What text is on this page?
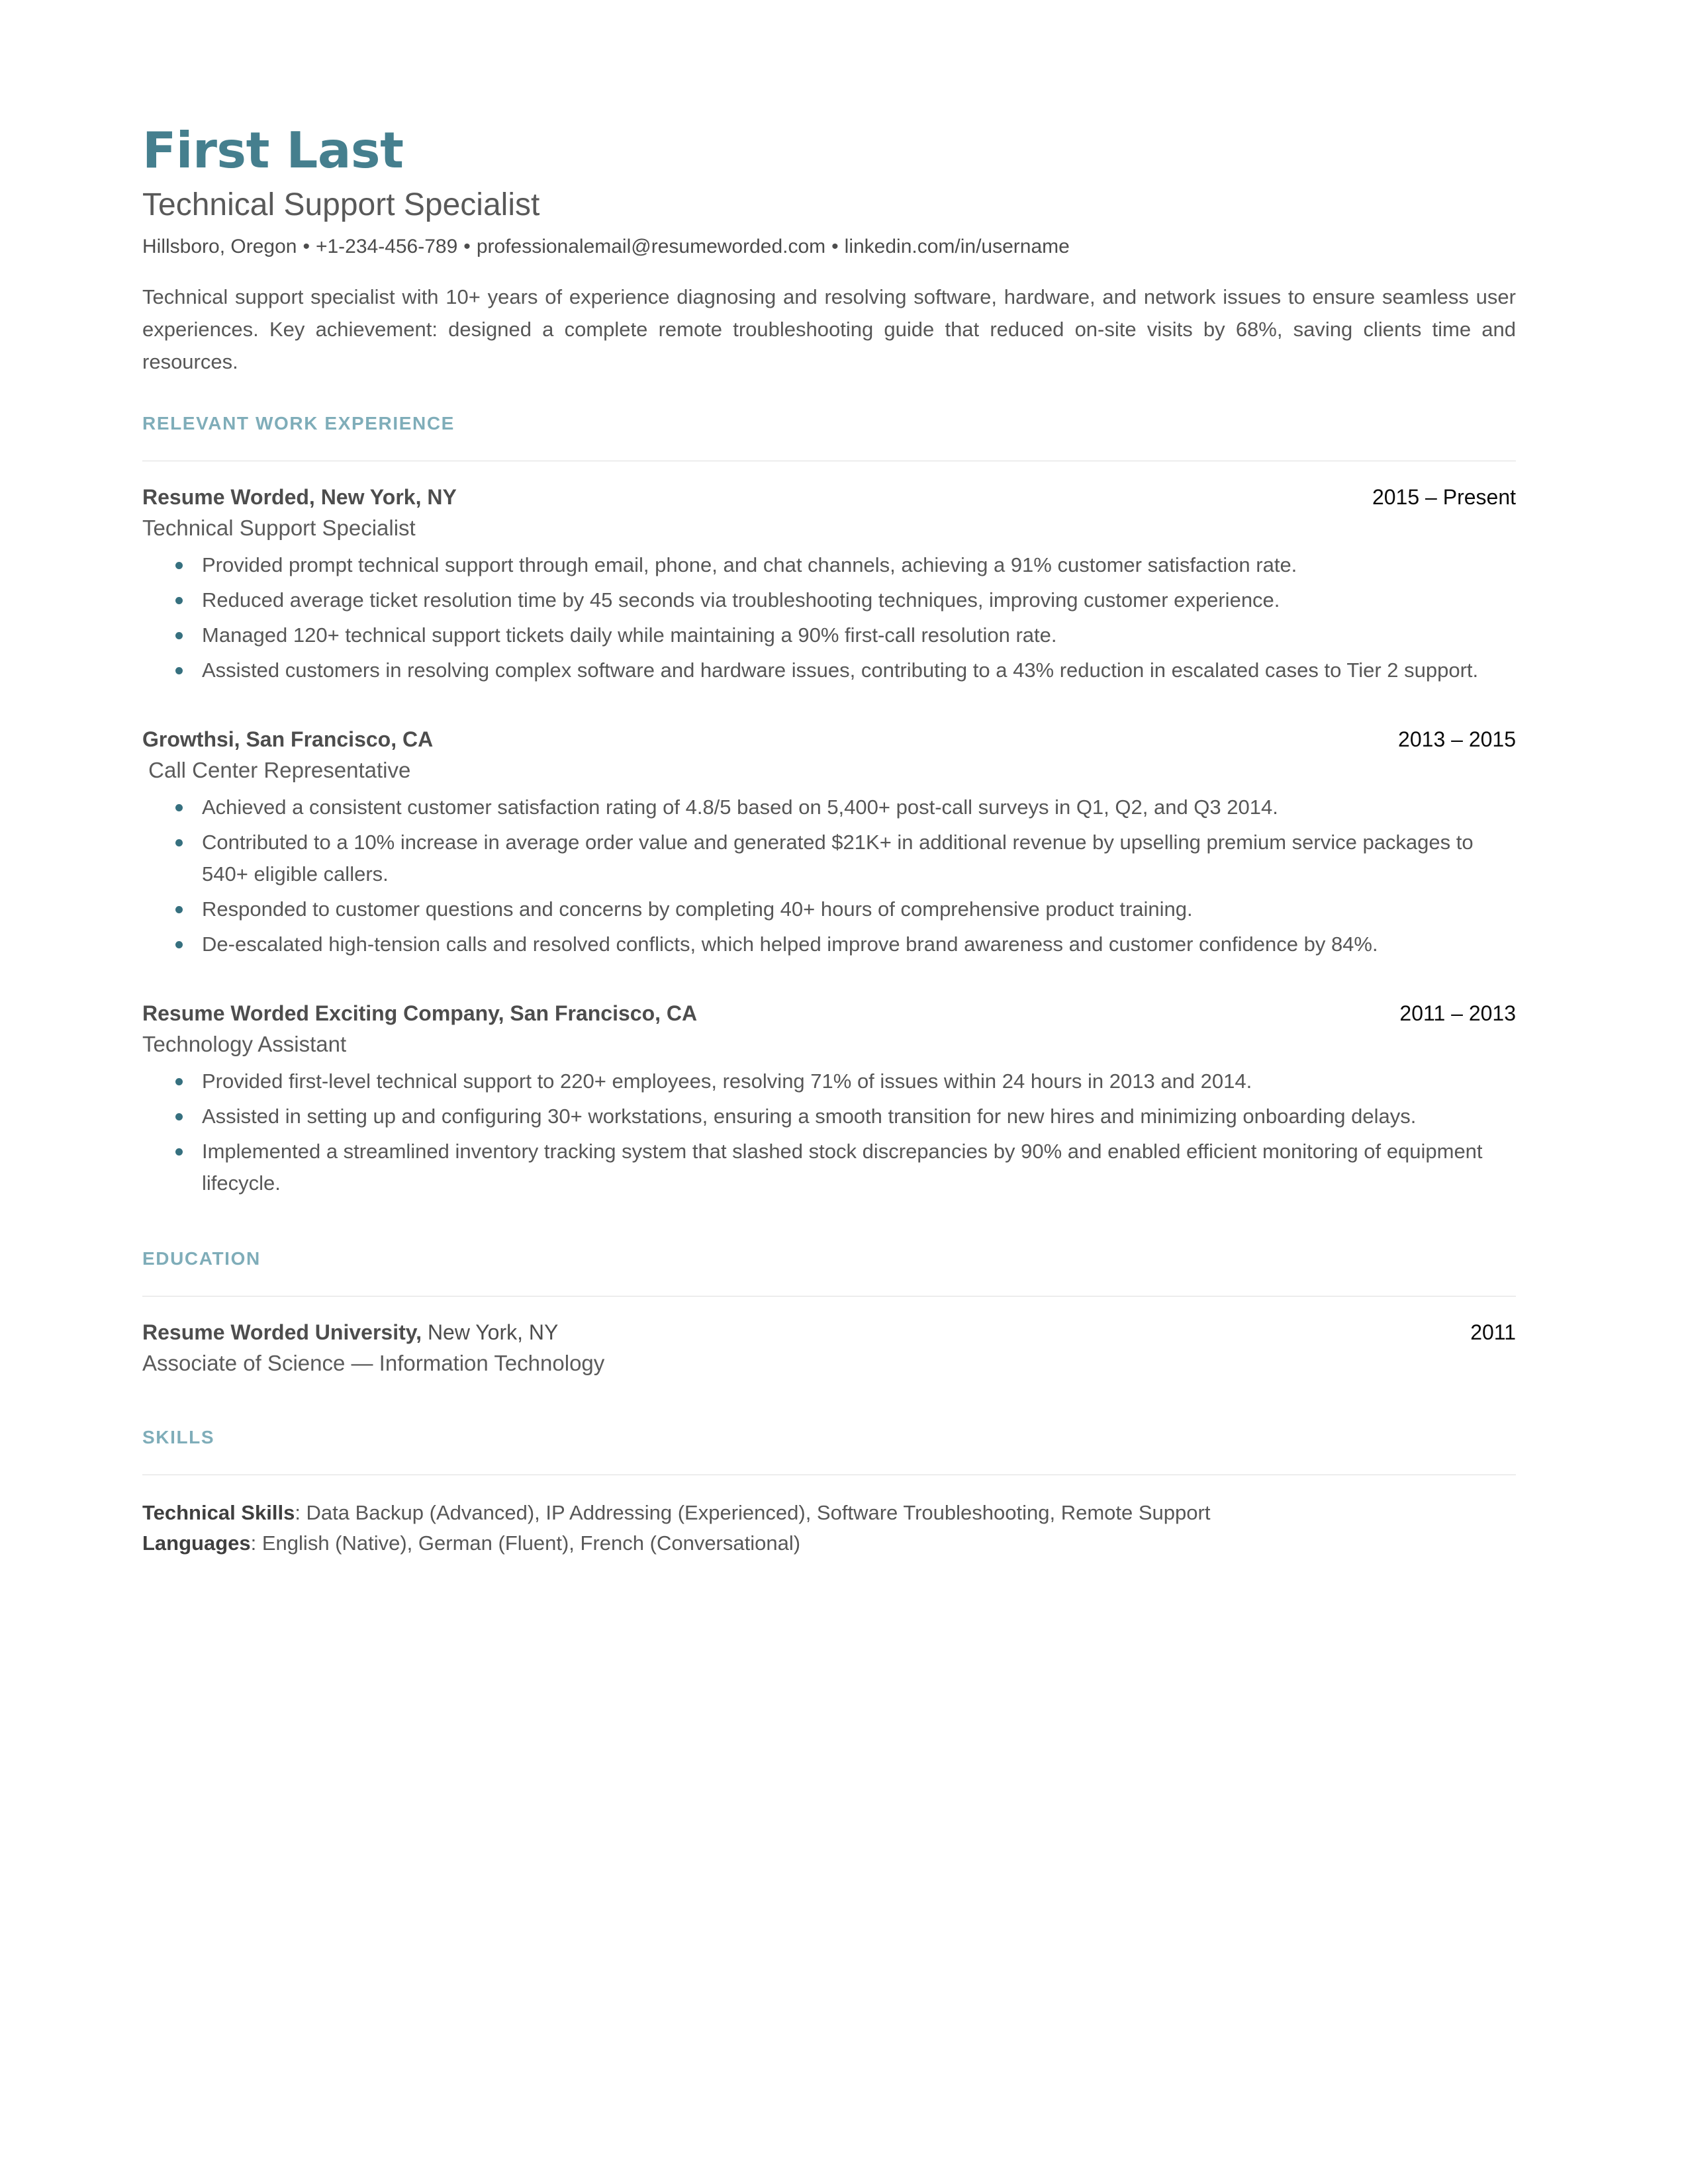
First Last
Technical Support Specialist
Hillsboro, Oregon • +1-234-456-789 • professionalemail@resumeworded.com • linkedin.com/in/username
Technical support specialist with 10+ years of experience diagnosing and resolving software, hardware, and network issues to ensure seamless user experiences. Key achievement: designed a complete remote troubleshooting guide that reduced on-site visits by 68%, saving clients time and resources.
RELEVANT WORK EXPERIENCE
Resume Worded, New York, NY	2015 – Present
Technical Support Specialist
Provided prompt technical support through email, phone, and chat channels, achieving a 91% customer satisfaction rate.
Reduced average ticket resolution time by 45 seconds via troubleshooting techniques, improving customer experience.
Managed 120+ technical support tickets daily while maintaining a 90% first-call resolution rate.
Assisted customers in resolving complex software and hardware issues, contributing to a 43% reduction in escalated cases to Tier 2 support.
Growthsi, San Francisco, CA	2013 – 2015
Call Center Representative
Achieved a consistent customer satisfaction rating of 4.8/5 based on 5,400+ post-call surveys in Q1, Q2, and Q3 2014.
Contributed to a 10% increase in average order value and generated $21K+ in additional revenue by upselling premium service packages to 540+ eligible callers.
Responded to customer questions and concerns by completing 40+ hours of comprehensive product training.
De-escalated high-tension calls and resolved conflicts, which helped improve brand awareness and customer confidence by 84%.
Resume Worded Exciting Company, San Francisco, CA	2011 – 2013
Technology Assistant
Provided first-level technical support to 220+ employees, resolving 71% of issues within 24 hours in 2013 and 2014.
Assisted in setting up and configuring 30+ workstations, ensuring a smooth transition for new hires and minimizing onboarding delays.
Implemented a streamlined inventory tracking system that slashed stock discrepancies by 90% and enabled efficient monitoring of equipment lifecycle.
EDUCATION
Resume Worded University, New York, NY	2011
Associate of Science — Information Technology
SKILLS

Technical Skills: Data Backup (Advanced), IP Addressing (Experienced), Software Troubleshooting, Remote Support

Languages: English (Native), German (Fluent), French (Conversational)
